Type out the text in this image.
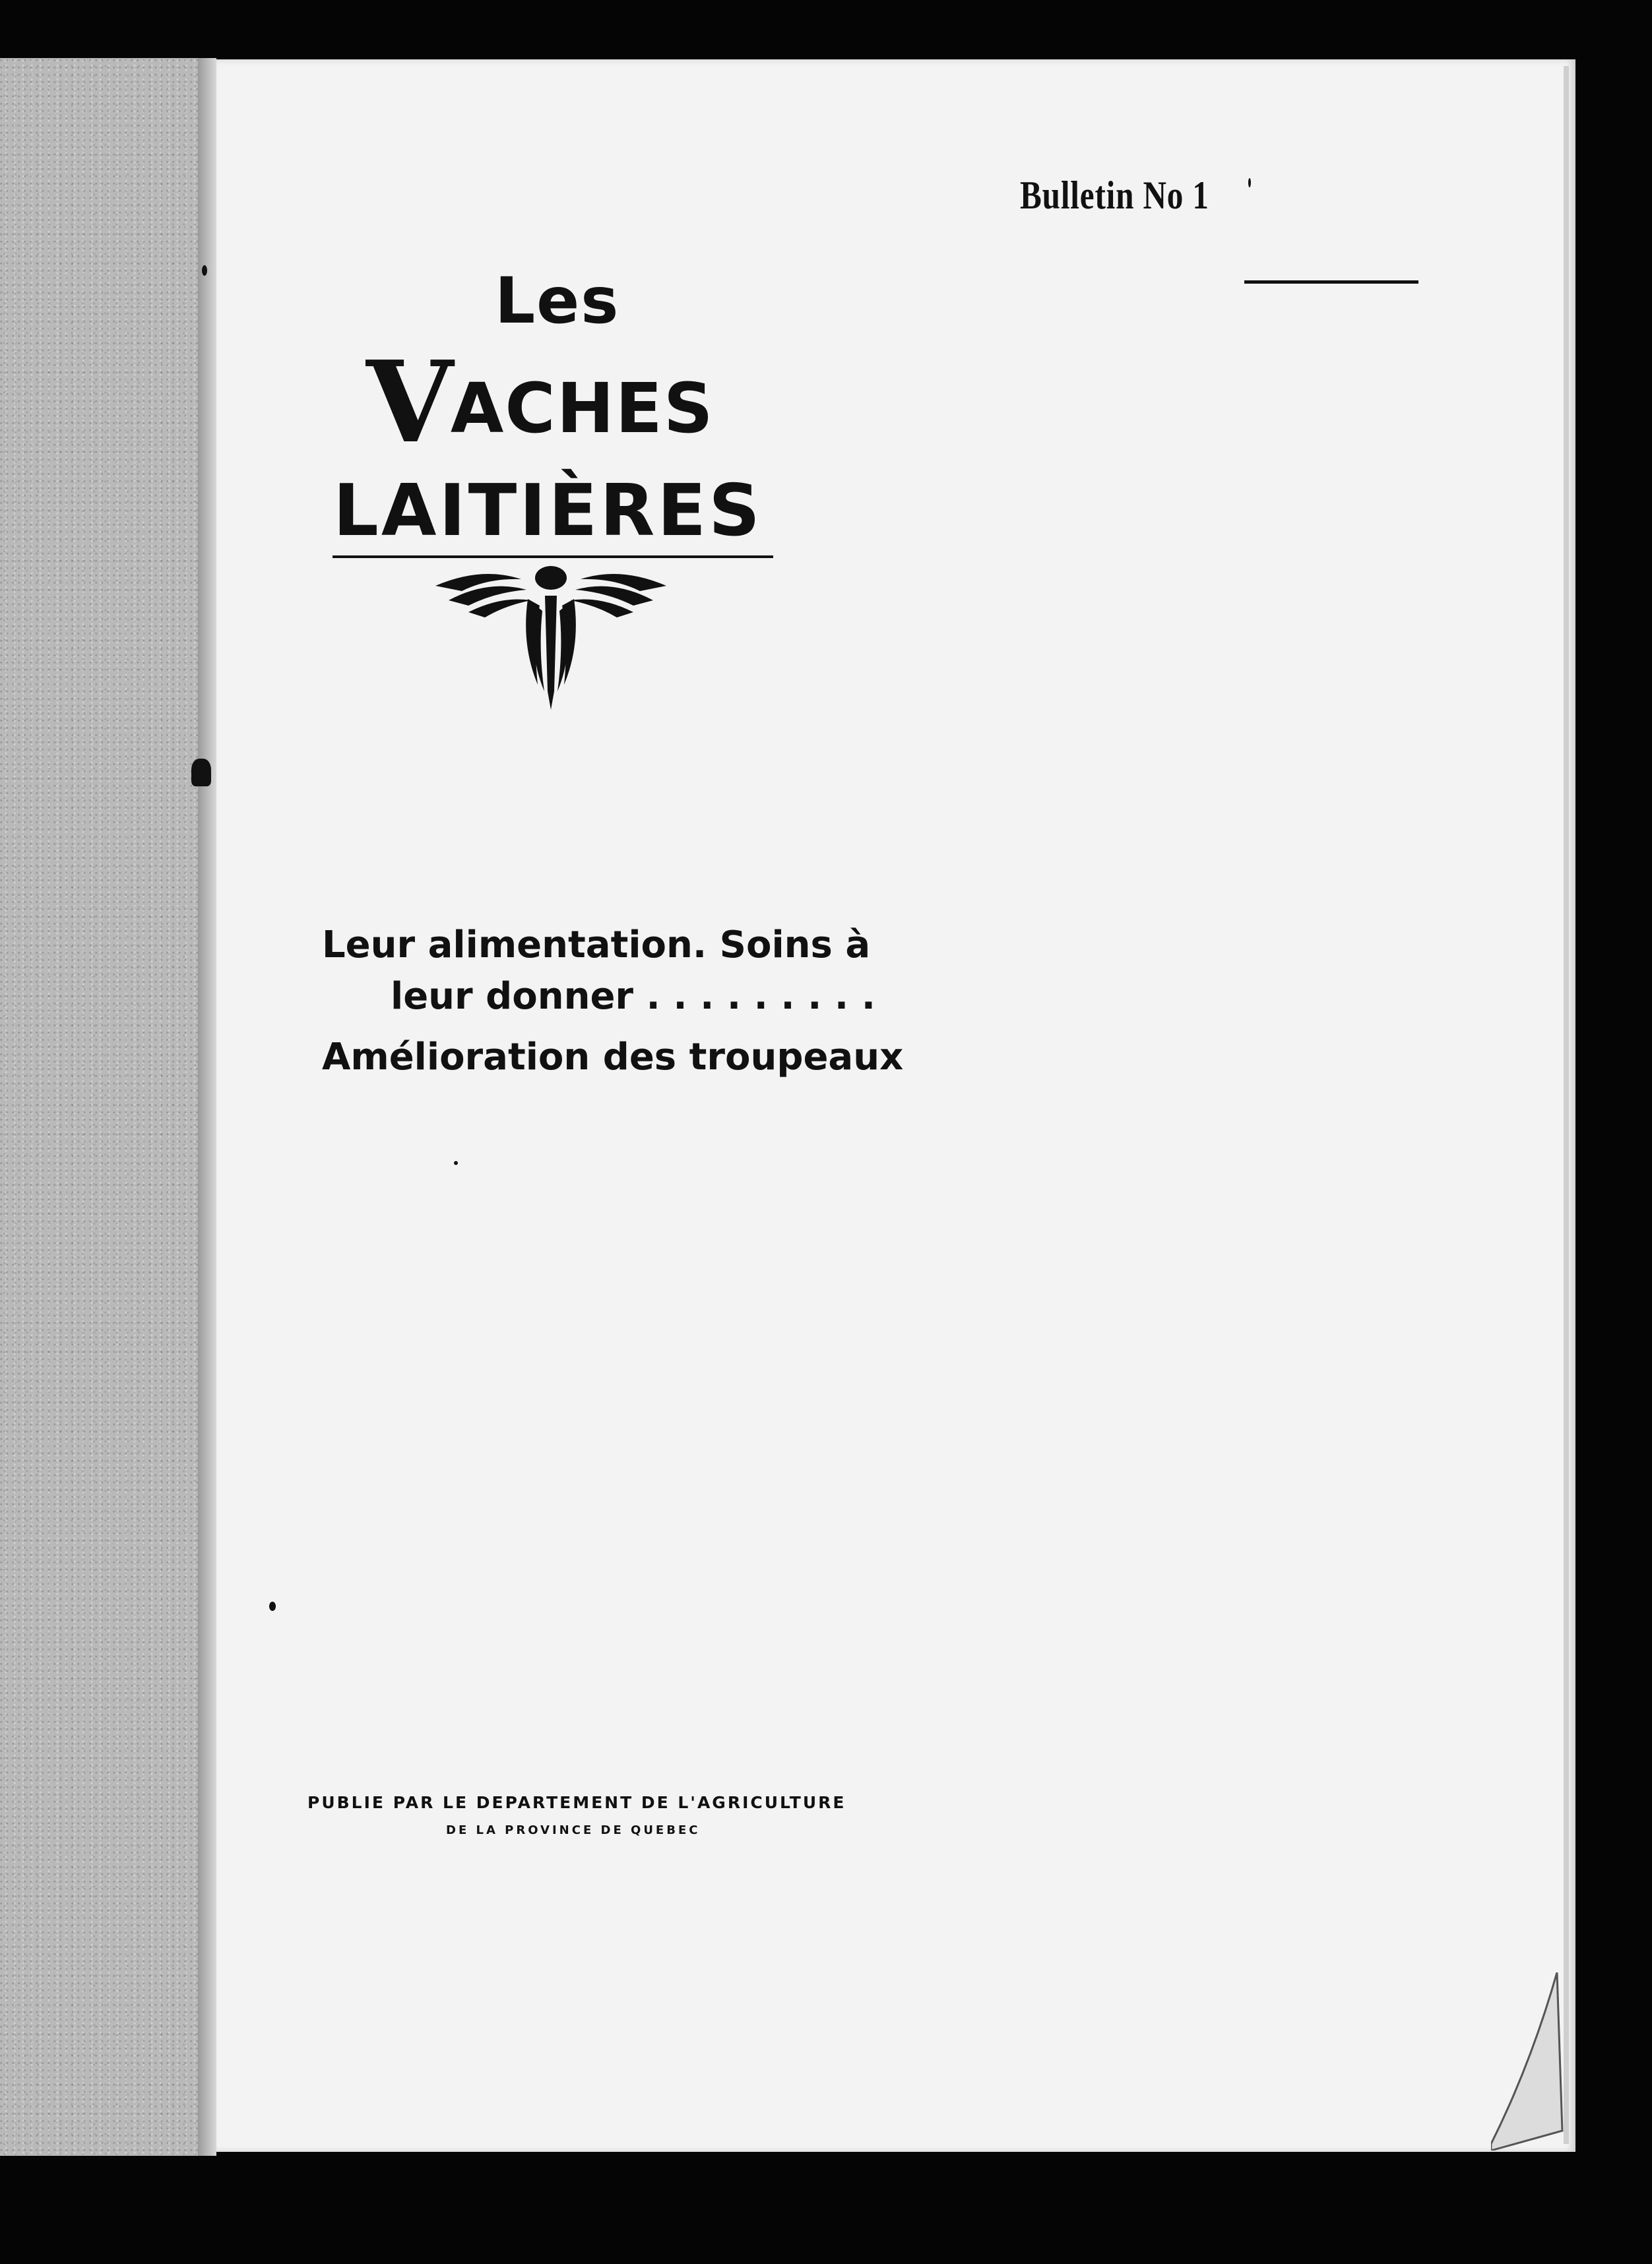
Bulletin No 1
Les
VACHES
LAITIÈRES
Leur alimentation. Soins à
leur donner . . . . . . . . .
Amélioration des troupeaux
PUBLIE PAR LE DEPARTEMENT DE L'AGRICULTURE
DE LA PROVINCE DE QUEBEC
